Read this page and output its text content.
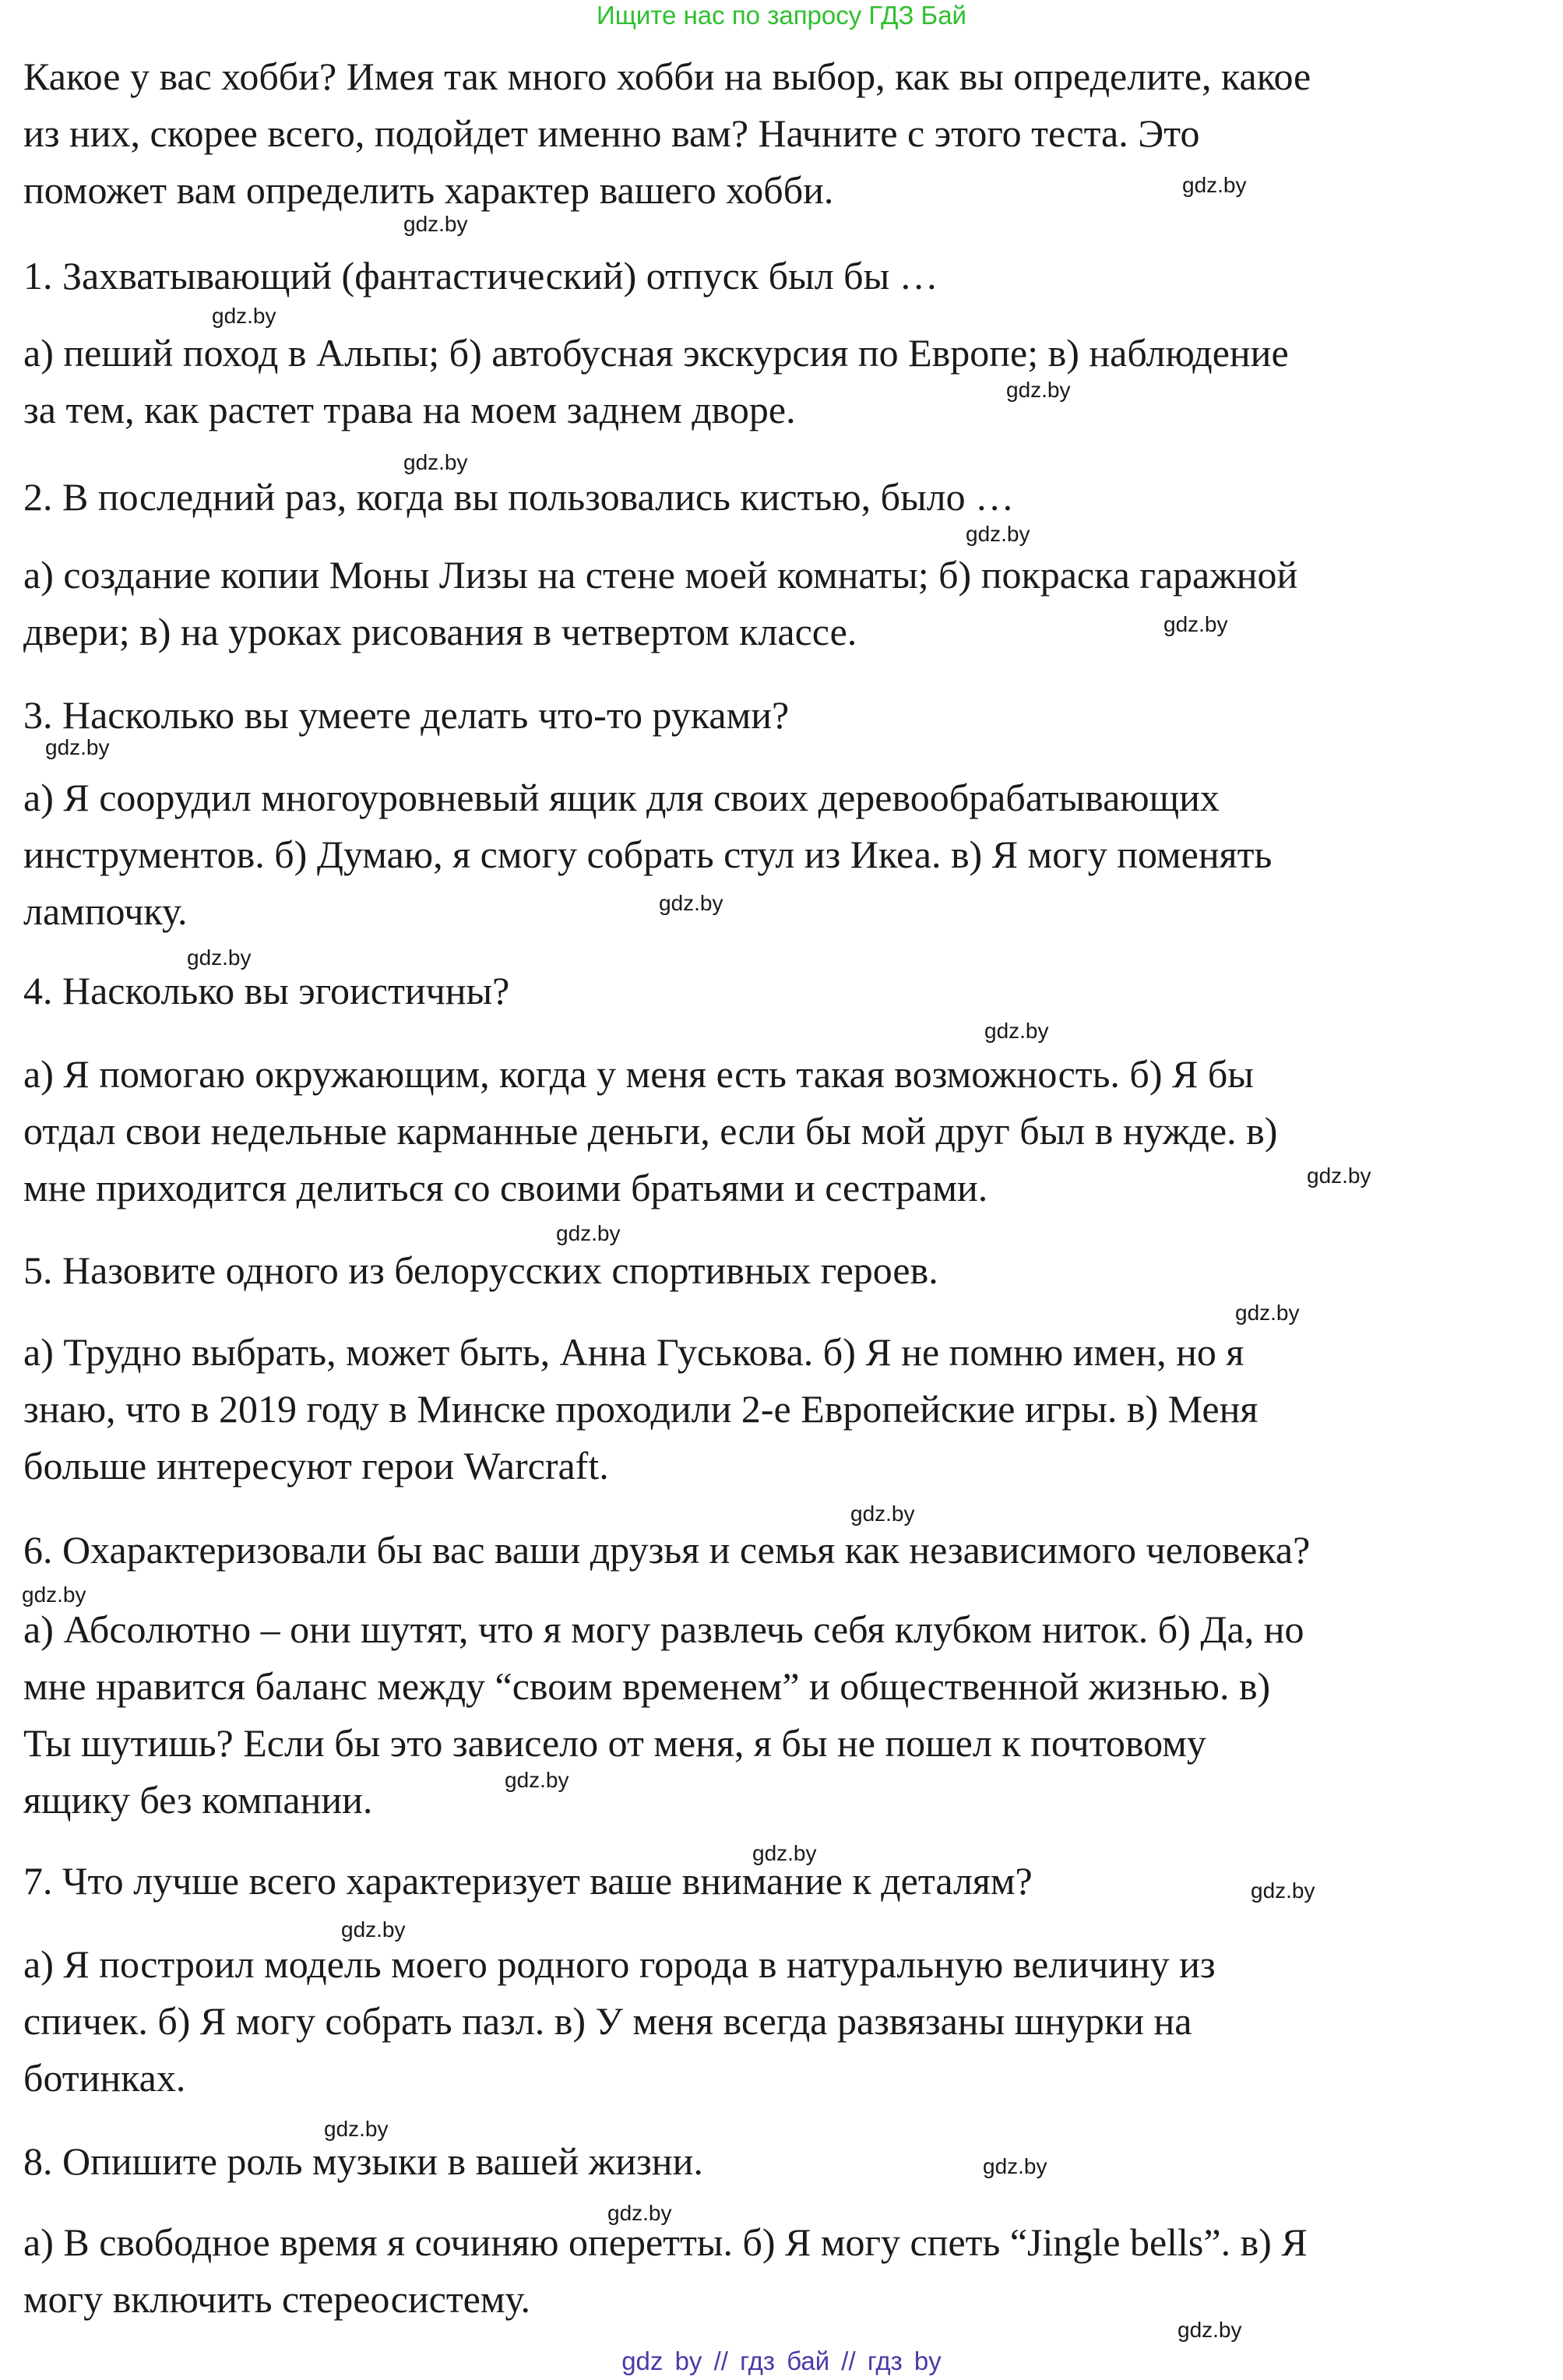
Ищите нас по запросу ГДЗ Бай
Какое у вас хобби? Имея так много хобби на выбор, как вы определите, какое
из них, скорее всего, подойдет именно вам? Начните с этого теста. Это
поможет вам определить характер вашего хобби.
1. Захватывающий (фантастический) отпуск был бы …
а) пеший поход в Альпы; б) автобусная экскурсия по Европе; в) наблюдение
за тем, как растет трава на моем заднем дворе.
2. В последний раз, когда вы пользовались кистью, было …
а) создание копии Моны Лизы на стене моей комнаты; б) покраска гаражной
двери; в) на уроках рисования в четвертом классе.
3. Насколько вы умеете делать что-то руками?
а) Я соорудил многоуровневый ящик для своих деревообрабатывающих
инструментов. б) Думаю, я смогу собрать стул из Икеа. в) Я могу поменять
лампочку.
4. Насколько вы эгоистичны?
а) Я помогаю окружающим, когда у меня есть такая возможность. б) Я бы
отдал свои недельные карманные деньги, если бы мой друг был в нужде. в)
мне приходится делиться со своими братьями и сестрами.
5. Назовите одного из белорусских спортивных героев.
а) Трудно выбрать, может быть, Анна Гуськова. б) Я не помню имен, но я
знаю, что в 2019 году в Минске проходили 2-е Европейские игры. в) Меня
больше интересуют герои Warcraft.
6. Охарактеризовали бы вас ваши друзья и семья как независимого человека?
а) Абсолютно – они шутят, что я могу развлечь себя клубком ниток. б) Да, но
мне нравится баланс между “своим временем” и общественной жизнью. в)
Ты шутишь? Если бы это зависело от меня, я бы не пошел к почтовому
ящику без компании.
7. Что лучше всего характеризует ваше внимание к деталям?
а) Я построил модель моего родного города в натуральную величину из
спичек. б) Я могу собрать пазл. в) У меня всегда развязаны шнурки на
ботинках.
8. Опишите роль музыки в вашей жизни.
а) В свободное время я сочиняю оперетты. б) Я могу спеть “Jingle bells”. в) Я
могу включить стереосистему.
gdz.by
gdz.by
gdz.by
gdz.by
gdz.by
gdz.by
gdz.by
gdz.by
gdz.by
gdz.by
gdz.by
gdz.by
gdz.by
gdz.by
gdz.by
gdz.by
gdz.by
gdz.by
gdz.by
gdz.by
gdz.by
gdz.by
gdz.by
gdz.by
gdz by // гдз бай // гдз by
